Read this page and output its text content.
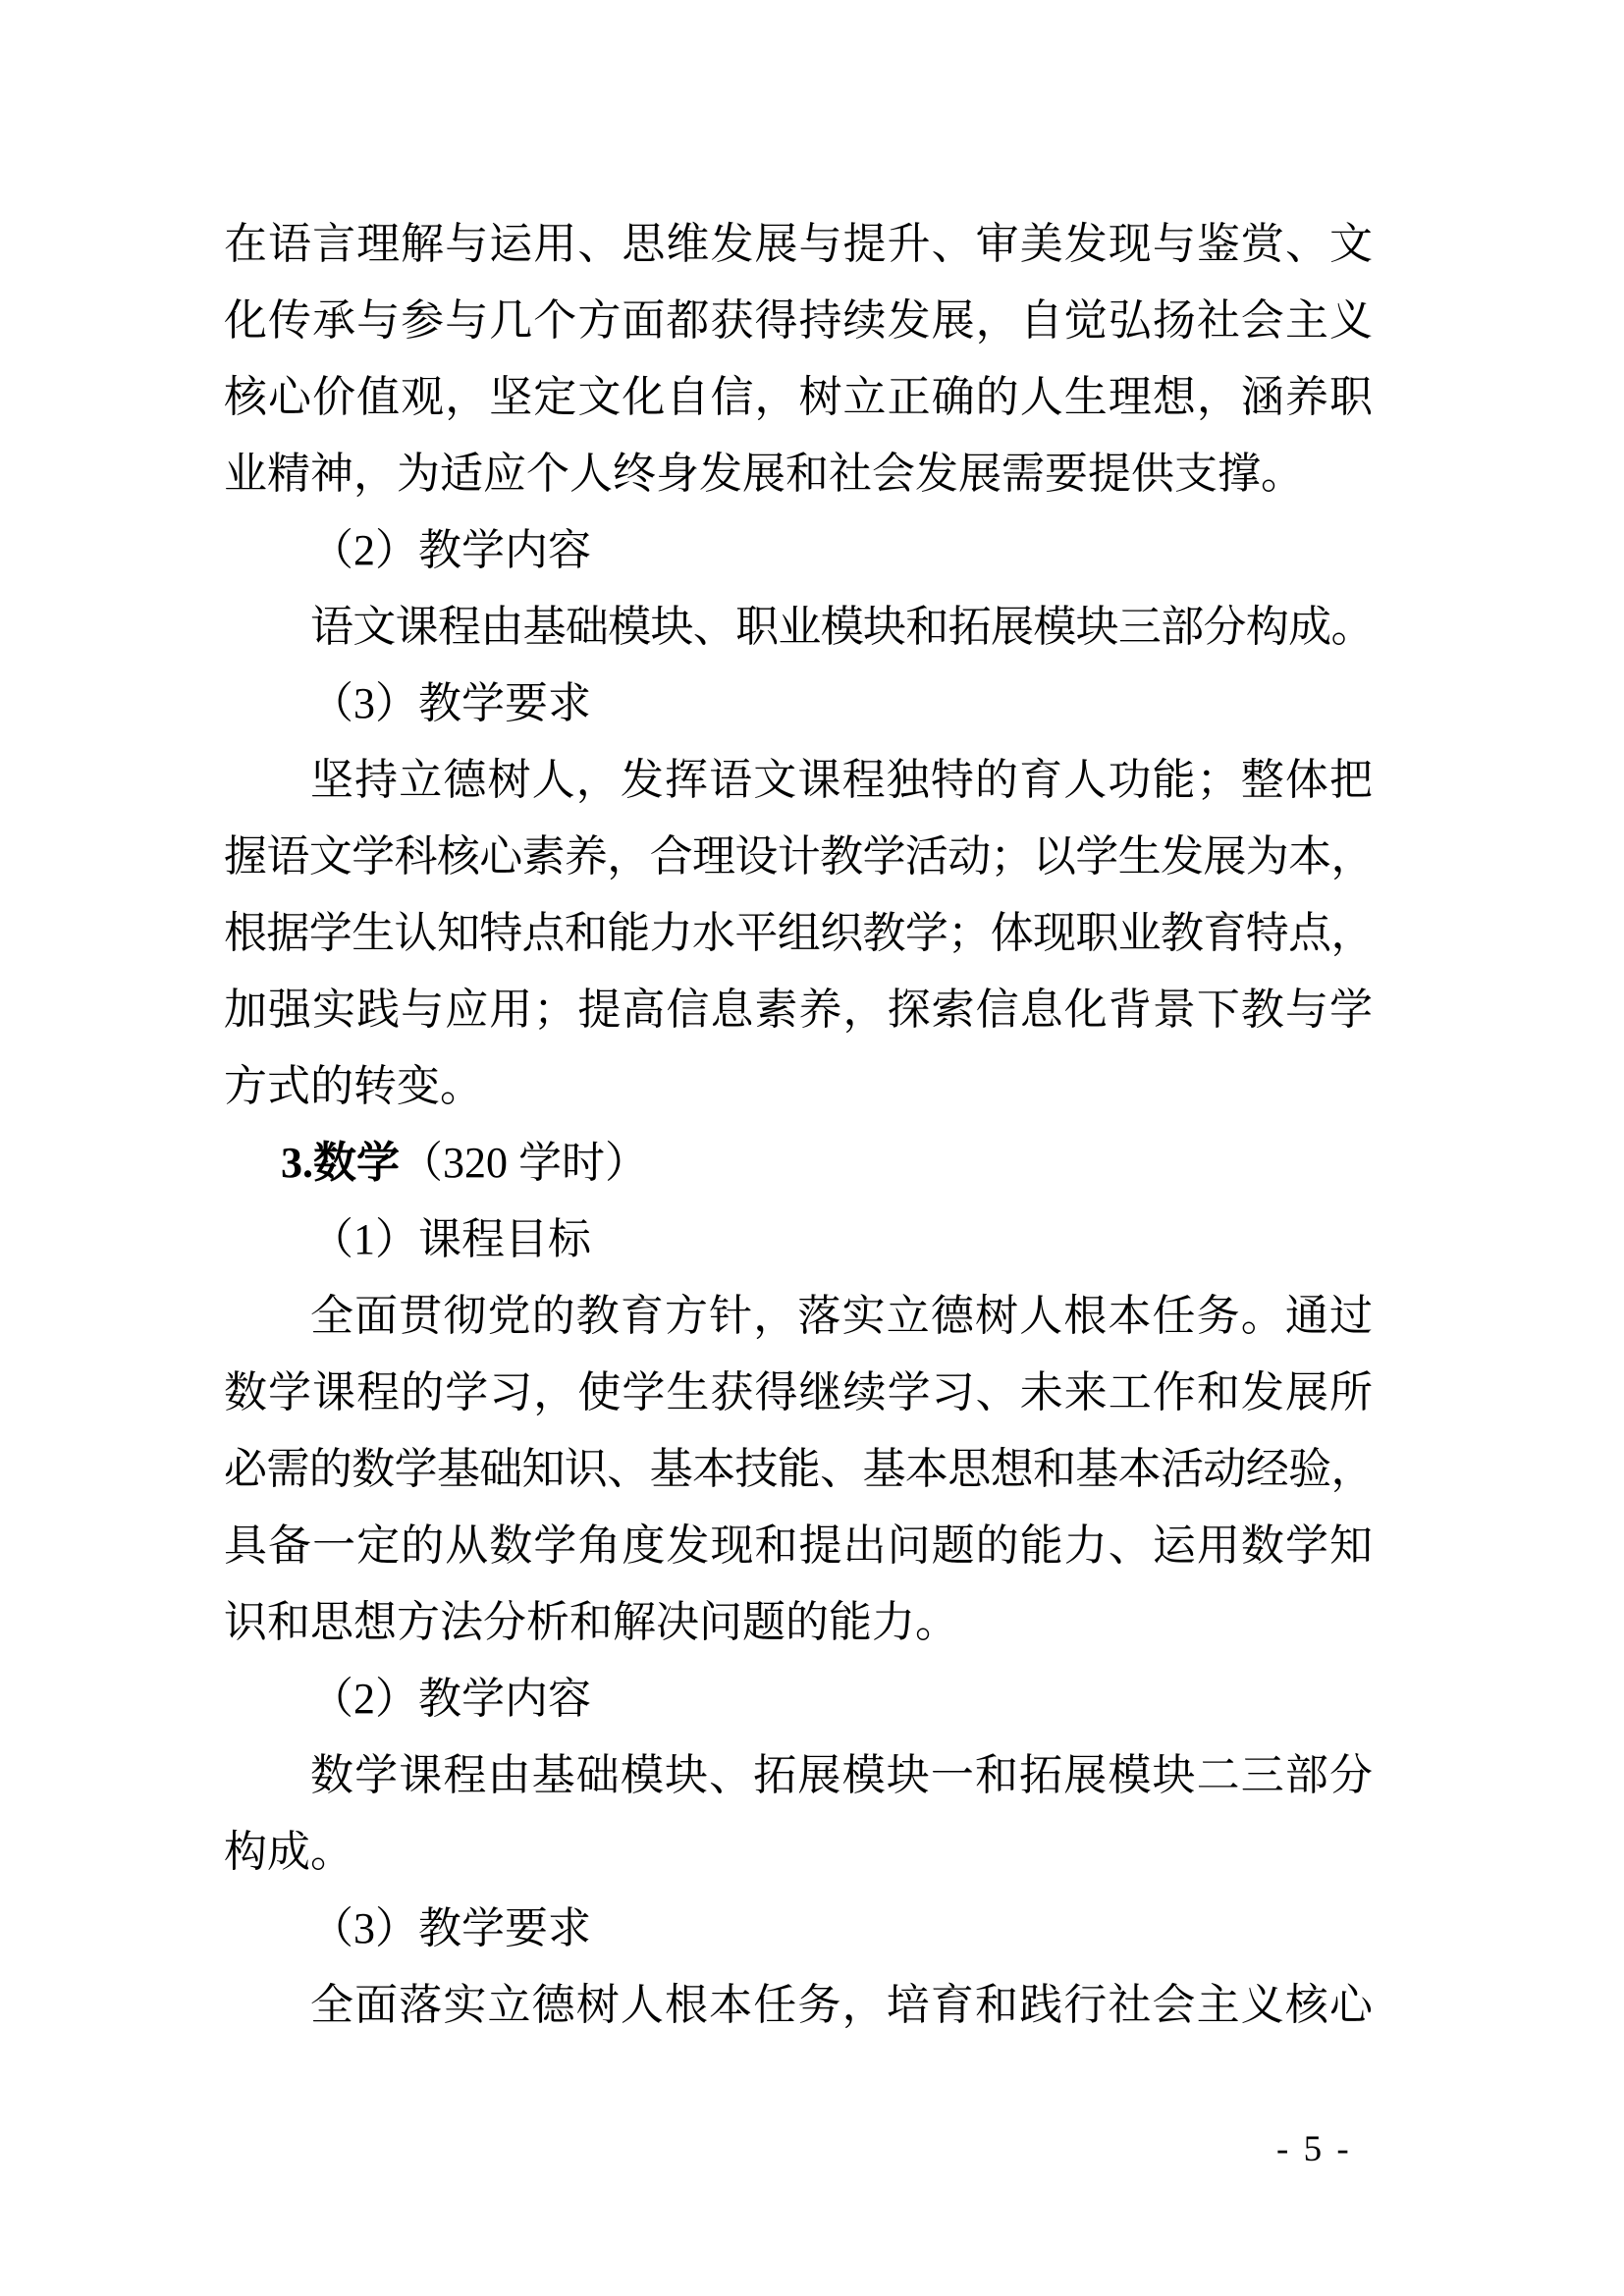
在语言理解与运用、思维发展与提升、审美发现与鉴赏、文
化传承与参与几个方面都获得持续发展，自觉弘扬社会主义
核心价值观，坚定文化自信，树立正确的人生理想，涵养职
业精神，为适应个人终身发展和社会发展需要提供支撑。
（2）教学内容
语文课程由基础模块、职业模块和拓展模块三部分构成。
（3）教学要求
坚持立德树人，发挥语文课程独特的育人功能；整体把
握语文学科核心素养，合理设计教学活动；以学生发展为本，
根据学生认知特点和能力水平组织教学；体现职业教育特点，
加强实践与应用；提高信息素养，探索信息化背景下教与学
方式的转变。
3.数学（320 学时）
（1）课程目标
全面贯彻党的教育方针，落实立德树人根本任务。通过
数学课程的学习，使学生获得继续学习、未来工作和发展所
必需的数学基础知识、基本技能、基本思想和基本活动经验，
具备一定的从数学角度发现和提出问题的能力、运用数学知
识和思想方法分析和解决问题的能力。
（2）教学内容
数学课程由基础模块、拓展模块一和拓展模块二三部分
构成。
（3）教学要求
全面落实立德树人根本任务，培育和践行社会主义核心
- 5 -
